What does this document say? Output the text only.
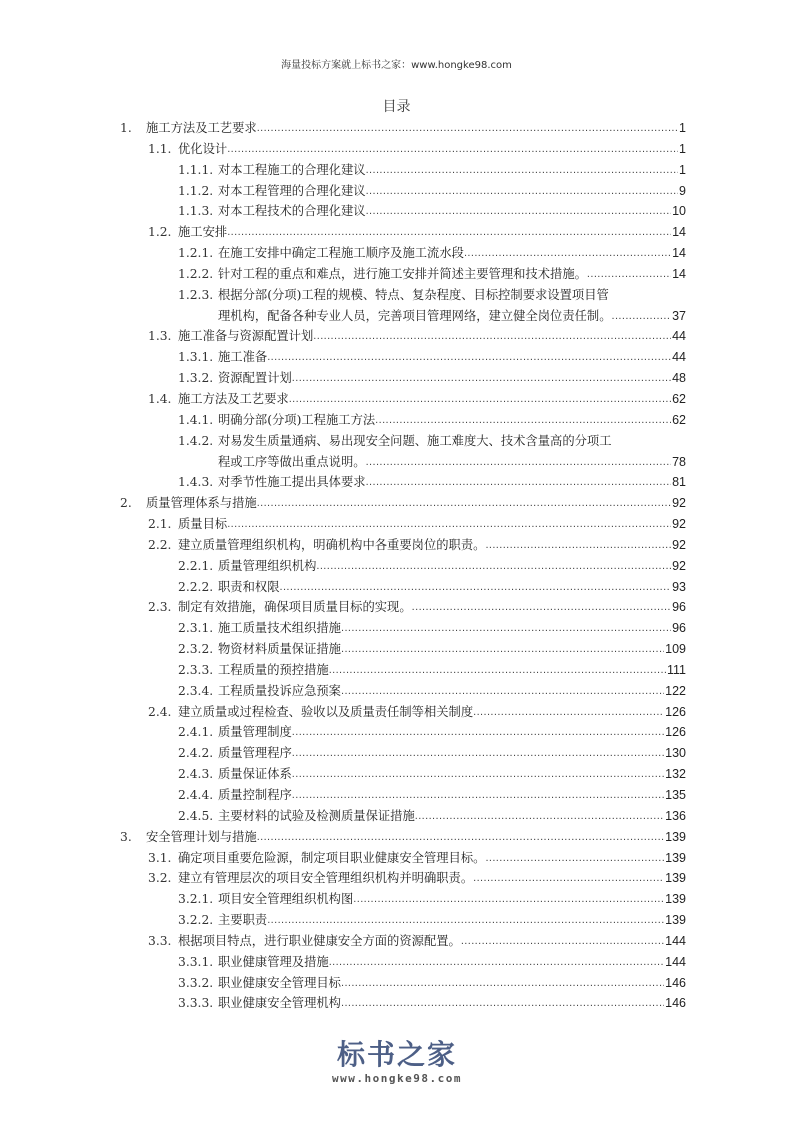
海量投标方案就上标书之家：www.hongke98.com
目录
1.	施工方法及工艺要求 .....	1
1.1. 优化设计 .....	1
1.1.1. 对本工程施工的合理化建议 .....	1
1.1.2. 对本工程管理的合理化建议 .....	9
1.1.3. 对本工程技术的合理化建议 .....	10
1.2. 施工安排 .....	14
1.2.1. 在施工安排中确定工程施工顺序及施工流水段 .....	14
1.2.2. 针对工程的重点和难点，进行施工安排并简述主要管理和技术措施。 .....	14
1.2.3. 根据分部(分项)工程的规模、特点、复杂程度、目标控制要求设置项目管
理机构，配备各种专业人员，完善项目管理网络，建立健全岗位责任制。 .....	37
1.3. 施工准备与资源配置计划 .....	44
1.3.1. 施工准备 .....	44
1.3.2. 资源配置计划 .....	48
1.4. 施工方法及工艺要求 .....	62
1.4.1. 明确分部(分项)工程施工方法 .....	62
1.4.2. 对易发生质量通病、易出现安全问题、施工难度大、技术含量高的分项工
程或工序等做出重点说明。 .....	78
1.4.3. 对季节性施工提出具体要求 .....	81
2.	质量管理体系与措施 .....	92
2.1. 质量目标 .....	92
2.2. 建立质量管理组织机构，明确机构中各重要岗位的职责。 .....	92
2.2.1. 质量管理组织机构 .....	92
2.2.2. 职责和权限 .....	93
2.3. 制定有效措施，确保项目质量目标的实现。 .....	96
2.3.1. 施工质量技术组织措施 .....	96
2.3.2. 物资材料质量保证措施 .....	109
2.3.3. 工程质量的预控措施 .....	111
2.3.4. 工程质量投诉应急预案 .....	122
2.4. 建立质量或过程检查、验收以及质量责任制等相关制度 .....	126
2.4.1. 质量管理制度 .....	126
2.4.2. 质量管理程序 .....	130
2.4.3. 质量保证体系 .....	132
2.4.4. 质量控制程序 .....	135
2.4.5. 主要材料的试验及检测质量保证措施 .....	136
3.	安全管理计划与措施 .....	139
3.1. 确定项目重要危险源，制定项目职业健康安全管理目标。 .....	139
3.2. 建立有管理层次的项目安全管理组织机构并明确职责。 .....	139
3.2.1. 项目安全管理组织机构图 .....	139
3.2.2. 主要职责 .....	139
3.3. 根据项目特点，进行职业健康安全方面的资源配置。 .....	144
3.3.1. 职业健康管理及措施 .....	144
3.3.2. 职业健康安全管理目标 .....	146
3.3.3. 职业健康安全管理机构 .....	146
标书之家
www.hongke98.com
